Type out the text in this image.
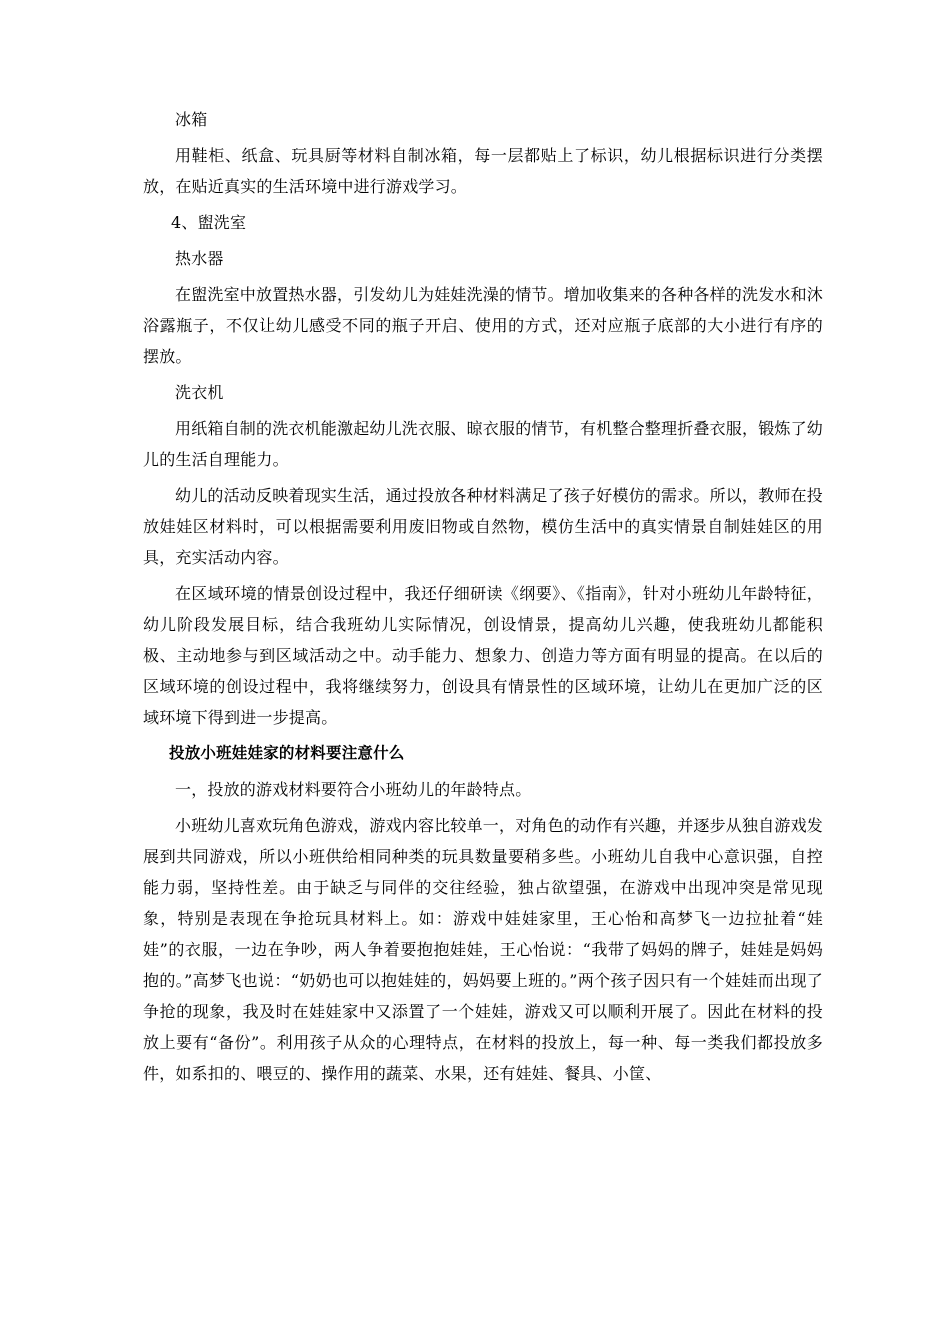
冰箱

用鞋柜、纸盒、玩具厨等材料自制冰箱，每一层都贴上了标识，幼儿根据标识进行分类摆放，在贴近真实的生活环境中进行游戏学习。

4、盥洗室

热水器

在盥洗室中放置热水器，引发幼儿为娃娃洗澡的情节。增加收集来的各种各样的洗发水和沐浴露瓶子，不仅让幼儿感受不同的瓶子开启、使用的方式，还对应瓶子底部的大小进行有序的摆放。

洗衣机

用纸箱自制的洗衣机能激起幼儿洗衣服、晾衣服的情节，有机整合整理折叠衣服，锻炼了幼儿的生活自理能力。

幼儿的活动反映着现实生活，通过投放各种材料满足了孩子好模仿的需求。所以，教师在投放娃娃区材料时，可以根据需要利用废旧物或自然物，模仿生活中的真实情景自制娃娃区的用具，充实活动内容。

在区域环境的情景创设过程中，我还仔细研读《纲要》、《指南》，针对小班幼儿年龄特征，幼儿阶段发展目标，结合我班幼儿实际情况，创设情景，提高幼儿兴趣，使我班幼儿都能积极、主动地参与到区域活动之中。动手能力、想象力、创造力等方面有明显的提高。在以后的区域环境的创设过程中，我将继续努力，创设具有情景性的区域环境，让幼儿在更加广泛的区域环境下得到进一步提高。

投放小班娃娃家的材料要注意什么

一，投放的游戏材料要符合小班幼儿的年龄特点。

小班幼儿喜欢玩角色游戏，游戏内容比较单一，对角色的动作有兴趣，并逐步从独自游戏发展到共同游戏，所以小班供给相同种类的玩具数量要稍多些。小班幼儿自我中心意识强，自控能力弱，坚持性差。由于缺乏与同伴的交往经验，独占欲望强，在游戏中出现冲突是常见现象，特别是表现在争抢玩具材料上。如：游戏中娃娃家里，王心怡和高梦飞一边拉扯着“娃娃”的衣服，一边在争吵，两人争着要抱抱娃娃，王心怡说：“我带了妈妈的牌子，娃娃是妈妈抱的。”高梦飞也说：“奶奶也可以抱娃娃的，妈妈要上班的。”两个孩子因只有一个娃娃而出现了争抢的现象，我及时在娃娃家中又添置了一个娃娃，游戏又可以顺利开展了。因此在材料的投放上要有“备份”。利用孩子从众的心理特点，在材料的投放上，每一种、每一类我们都投放多件，如系扣的、喂豆的、操作用的蔬菜、水果，还有娃娃、餐具、小筐、
